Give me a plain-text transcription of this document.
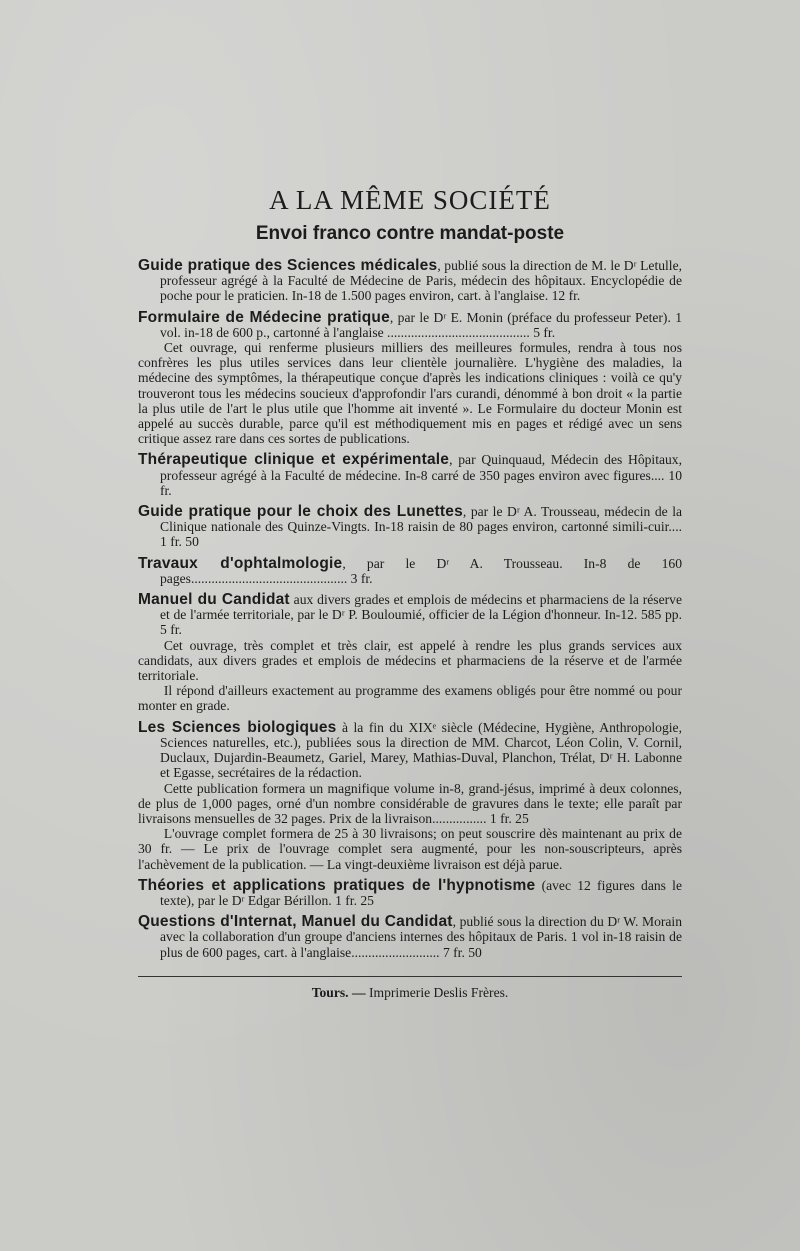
A LA MÊME SOCIÉTÉ
Envoi franco contre mandat-poste

Guide pratique des Sciences médicales, publié sous la direction de M. le Dʳ Letulle, professeur agrégé à la Faculté de Médecine de Paris, médecin des hôpitaux. Encyclopédie de poche pour le praticien. In-18 de 1.500 pages environ, cart. à l'anglaise. 12 fr.

Formulaire de Médecine pratique, par le Dʳ E. Monin (préface du professeur Peter). 1 vol. in-18 de 600 p., cartonné à l'anglaise .......................................... 5 fr.

Cet ouvrage, qui renferme plusieurs milliers des meilleures formules, rendra à tous nos confrères les plus utiles services dans leur clientèle journalière. L'hygiène des maladies, la médecine des symptômes, la thérapeutique conçue d'après les indications cliniques : voilà ce qu'y trouveront tous les médecins soucieux d'approfondir l'ars curandi, dénommé à bon droit « la partie la plus utile de l'art le plus utile que l'homme ait inventé ». Le Formulaire du docteur Monin est appelé au succès durable, parce qu'il est méthodiquement mis en pages et rédigé avec un sens critique assez rare dans ces sortes de publications.

Thérapeutique clinique et expérimentale, par Quinquaud, Médecin des Hôpitaux, professeur agrégé à la Faculté de médecine. In-8 carré de 350 pages environ avec figures.... 10 fr.

Guide pratique pour le choix des Lunettes, par le Dʳ A. Trousseau, médecin de la Clinique nationale des Quinze-Vingts. In-18 raisin de 80 pages environ, cartonné simili-cuir.... 1 fr. 50

Travaux d'ophtalmologie, par le Dʳ A. Trousseau. In-8 de 160 pages.............................................. 3 fr.

Manuel du Candidat aux divers grades et emplois de médecins et pharmaciens de la réserve et de l'armée territoriale, par le Dʳ P. Bouloumié, officier de la Légion d'honneur. In-12. 585 pp. 5 fr.

Cet ouvrage, très complet et très clair, est appelé à rendre les plus grands services aux candidats, aux divers grades et emplois de médecins et pharmaciens de la réserve et de l'armée territoriale.

Il répond d'ailleurs exactement au programme des examens obligés pour être nommé ou pour monter en grade.

Les Sciences biologiques à la fin du XIXᵉ siècle (Médecine, Hygiène, Anthropologie, Sciences naturelles, etc.), publiées sous la direction de MM. Charcot, Léon Colin, V. Cornil, Duclaux, Dujardin-Beaumetz, Gariel, Marey, Mathias-Duval, Planchon, Trélat, Dʳ H. Labonne et Egasse, secrétaires de la rédaction.

Cette publication formera un magnifique volume in-8, grand-jésus, imprimé à deux colonnes, de plus de 1,000 pages, orné d'un nombre considérable de gravures dans le texte; elle paraît par livraisons mensuelles de 32 pages. Prix de la livraison................ 1 fr. 25

L'ouvrage complet formera de 25 à 30 livraisons; on peut souscrire dès maintenant au prix de 30 fr. — Le prix de l'ouvrage complet sera augmenté, pour les non-souscripteurs, après l'achèvement de la publication. — La vingt-deuxième livraison est déjà parue.

Théories et applications pratiques de l'hypnotisme (avec 12 figures dans le texte), par le Dʳ Edgar Bérillon. 1 fr. 25

Questions d'Internat, Manuel du Candidat, publié sous la direction du Dʳ W. Morain avec la collaboration d'un groupe d'anciens internes des hôpitaux de Paris. 1 vol in-18 raisin de plus de 600 pages, cart. à l'anglaise.......................... 7 fr. 50

Tours. — Imprimerie Deslis Frères.
